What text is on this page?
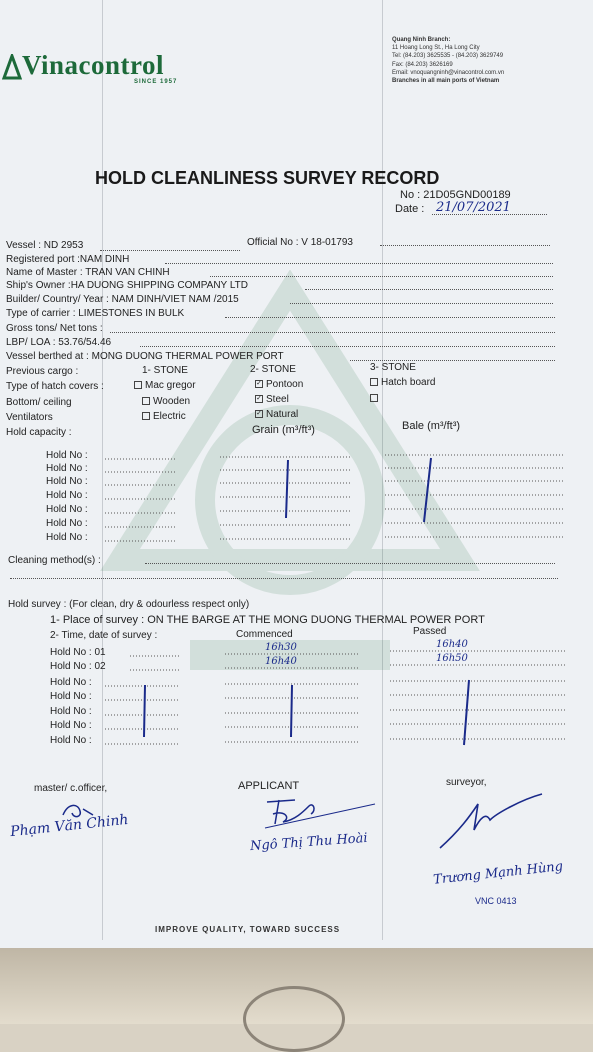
Vinacontrol
SINCE 1957
Quang Ninh Branch:
11 Hoang Long St., Ha Long City
Tel: (84.203) 3625535 - (84.203) 3629749
Fax: (84.203) 3626169
Email: vnoquangninh@vinacontrol.com.vn
Branches in all main ports of Vietnam
HOLD CLEANLINESS SURVEY RECORD
No : 21D05GND00189
Date : 21/07/2021
Vessel : ND 2953	Official No : V 18-01793
Registered port :NAM DINH
Name of Master : TRAN VAN CHINH
Ship's Owner :HA DUONG SHIPPING COMPANY LTD
Builder/ Country/ Year : NAM DINH/VIET NAM /2015
Type of carrier : LIMESTONES IN BULK
Gross tons/ Net tons :
LBP/ LOA : 53.76/54.46
Vessel berthed at : MONG DUONG THERMAL POWER PORT
Previous cargo :	1- STONE	2- STONE	3- STONE
Type of hatch covers :	Mac gregor	✓ Pontoon	Hatch board
Bottom/ ceiling	Wooden	✓ Steel
Ventilators	Electric	✓ Natural
Hold capacity :	Grain (m³/ft³)	Bale (m³/ft³)
Hold No :
Hold No :
Hold No :
Hold No :
Hold No :
Hold No :
Hold No :
Cleaning method(s) :
Hold survey : (For clean, dry & odourless respect only)
1- Place of survey : ON THE BARGE AT THE MONG DUONG THERMAL POWER PORT
2- Time, date of survey :	Commenced	Passed
Hold No : 01	16h30	16h40
Hold No : 02	16h40	16h50
Hold No :
Hold No :
Hold No :
Hold No :
Hold No :
master/ c.officer,	APPLICANT	surveyor,
Phạm Văn Chinh
Ngô Thị Thu Hoài
Trương Mạnh Hùng
VNC 0413
IMPROVE QUALITY, TOWARD SUCCESS
